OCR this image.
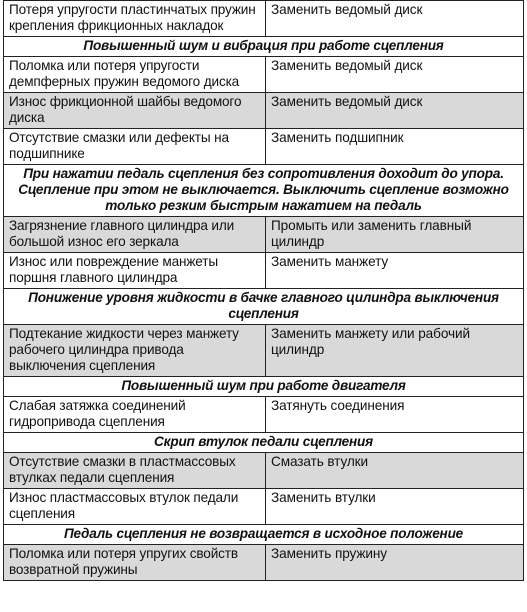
Потеря упругости пластинчатых пружин крепления фрикционных накладок	Заменить ведомый диск
Повышенный шум и вибрация при работе сцепления	
Поломка или потеря упругости демпферных пружин ведомого диска	Заменить ведомый диск
Износ фрикционной шайбы ведомого диска	Заменить ведомый диск
Отсутствие смазки или дефекты на подшипнике	Заменить подшипник
При нажатии педаль сцепления без сопротивления доходит до упора. Сцепление при этом не выключается. Выключить сцепление возможно только резким быстрым нажатием на педаль	
Загрязнение главного цилиндра или большой износ его зеркала	Промыть или заменить главный цилиндр
Износ или повреждение манжеты поршня главного цилиндра	Заменить манжету
Понижение уровня жидкости в бачке главного цилиндра выключения сцепления	
Подтекание жидкости через манжету рабочего цилиндра привода выключения сцепления	Заменить манжету или рабочий цилиндр
Повышенный шум при работе двигателя	
Слабая затяжка соединений гидропривода сцепления	Затянуть соединения
Скрип втулок педали сцепления	
Отсутствие смазки в пластмассовых втулках педали сцепления	Смазать втулки
Износ пластмассовых втулок педали сцепления	Заменить втулки
Педаль сцепления не возвращается в исходное положение	
Поломка или потеря упругих свойств возвратной пружины	Заменить пружину
